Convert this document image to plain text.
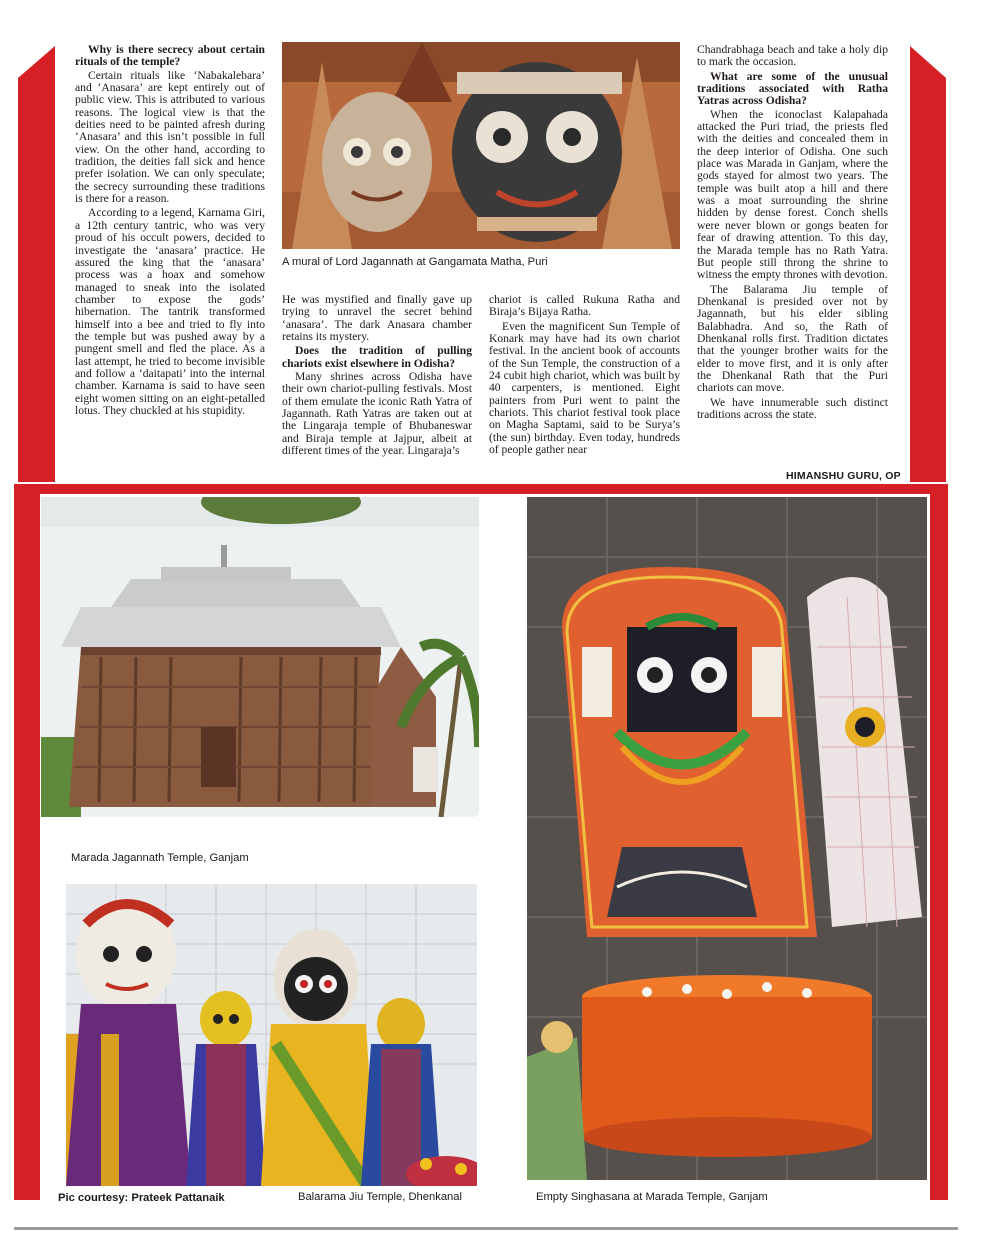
Why is there secrecy about certain rituals of the temple?

Certain rituals like ‘Nabakalebara’ and ‘Anasara’ are kept entirely out of public view. This is attributed to various reasons. The logical view is that the deities need to be painted afresh during ‘Anasara’ and this isn’t possible in full view. On the other hand, according to tradition, the deities fall sick and hence prefer isolation. We can only speculate; the secrecy surrounding these traditions is there for a reason.

According to a legend, Karnama Giri, a 12th century tantric, who was very proud of his occult powers, decided to investigate the ‘anasara’ practice. He assured the king that the ‘anasara’ process was a hoax and somehow managed to sneak into the isolated chamber to expose the gods’ hibernation. The tantrik transformed himself into a bee and tried to fly into the temple but was pushed away by a pungent smell and fled the place. As a last attempt, he tried to become invisible and follow a ‘daitapati’ into the internal chamber. Karnama is said to have seen eight women sitting on an eight-petalled lotus. They chuckled at his stupidity.

He was mystified and finally gave up trying to unravel the secret behind ‘anasara’. The dark Anasara chamber retains its mystery.

Does the tradition of pulling chariots exist elsewhere in Odisha?

Many shrines across Odisha have their own chariot-pulling festivals. Most of them emulate the iconic Rath Yatra of Jagannath. Rath Yatras are taken out at the Lingaraja temple of Bhubaneswar and Biraja temple at Jajpur, albeit at different times of the year. Lingaraja’s

chariot is called Rukuna Ratha and Biraja’s Bijaya Ratha.

Even the magnificent Sun Temple of Konark may have had its own chariot festival. In the ancient book of accounts of the Sun Temple, the construction of a 24 cubit high chariot, which was built by 40 carpenters, is mentioned. Eight painters from Puri went to paint the chariots. This chariot festival took place on Magha Saptami, said to be Surya’s (the sun) birthday. Even today, hundreds of people gather near

Chandrabhaga beach and take a holy dip to mark the occasion.

What are some of the unusual traditions associated with Ratha Yatras across Odisha?

When the iconoclast Kalapahada attacked the Puri triad, the priests fled with the deities and concealed them in the deep interior of Odisha. One such place was Marada in Ganjam, where the gods stayed for almost two years. The temple was built atop a hill and there was a moat surrounding the shrine hidden by dense forest. Conch shells were never blown or gongs beaten for fear of drawing attention. To this day, the Marada temple has no Rath Yatra. But people still throng the shrine to witness the empty thrones with devotion.

The Balarama Jiu temple of Dhenkanal is presided over not by Jagannath, but his elder sibling Balabhadra. And so, the Rath of Dhenkanal rolls first. Tradition dictates that the younger brother waits for the elder to move first, and it is only after the Dhenkanal Rath that the Puri chariots can move.

We have innumerable such distinct traditions across the state.

HIMANSHU GURU, OP
A mural of Lord Jagannath at Gangamata Matha, Puri
Marada Jagannath Temple, Ganjam
Pic courtesy: Prateek Pattanaik	Balarama Jiu Temple, Dhenkanal	Empty Singhasana at Marada Temple, Ganjam
